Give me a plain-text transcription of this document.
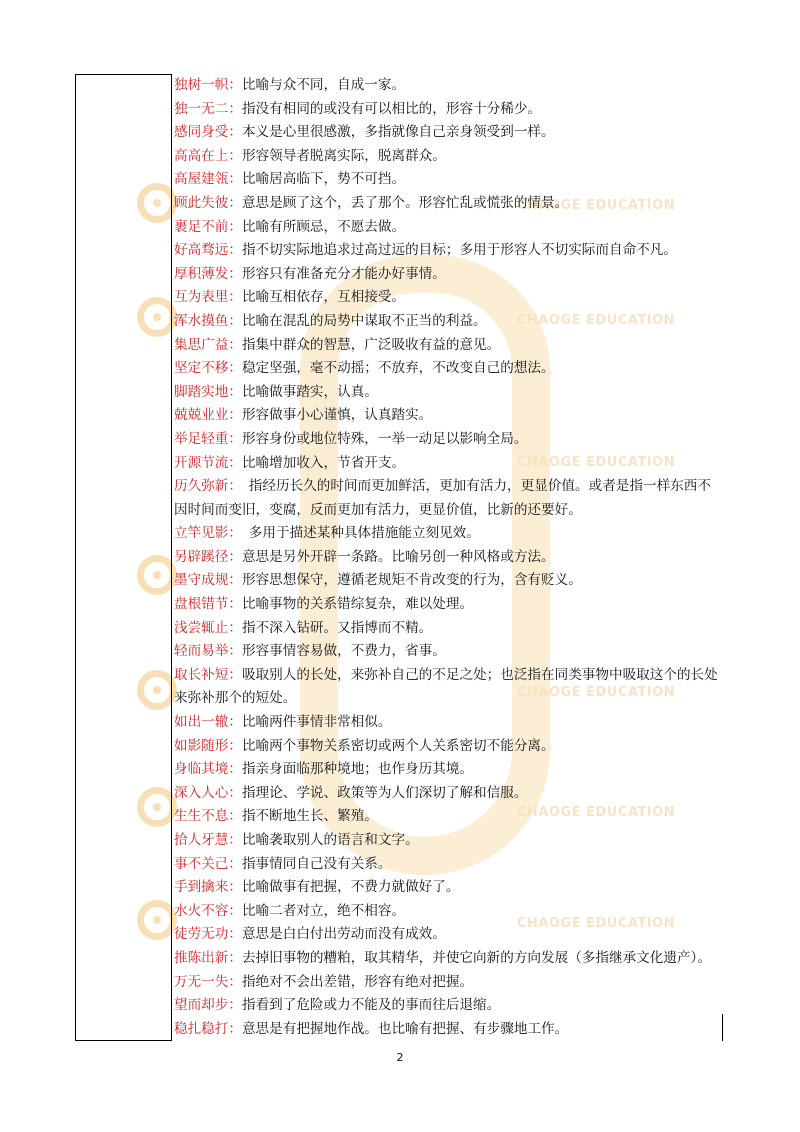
CHAOGE EDUCATION
CHAOGE EDUCATION
CHAOGE EDUCATION
CHAOGE EDUCATION
CHAOGE EDUCATION
CHAOGE EDUCATION

独树一帜：比喻与众不同，自成一家。

独一无二：指没有相同的或没有可以相比的，形容十分稀少。

感同身受：本义是心里很感激，多指就像自己亲身领受到一样。

高高在上：形容领导者脱离实际，脱离群众。

高屋建瓴：比喻居高临下，势不可挡。

顾此失彼：意思是顾了这个，丢了那个。形容忙乱或慌张的情景。

裹足不前：比喻有所顾忌，不愿去做。

好高骛远：指不切实际地追求过高过远的目标；多用于形容人不切实际而自命不凡。

厚积薄发：形容只有准备充分才能办好事情。

互为表里：比喻互相依存，互相接受。

浑水摸鱼：比喻在混乱的局势中谋取不正当的利益。

集思广益：指集中群众的智慧，广泛吸收有益的意见。

坚定不移：稳定坚强，毫不动摇；不放弃，不改变自己的想法。

脚踏实地：比喻做事踏实，认真。

兢兢业业：形容做事小心谨慎，认真踏实。

举足轻重：形容身份或地位特殊，一举一动足以影响全局。

开源节流：比喻增加收入，节省开支。

历久弥新：　指经历长久的时间而更加鲜活，更加有活力，更显价值。或者是指一样东西不因时间而变旧，变腐，反而更加有活力，更显价值，比新的还要好。

立竿见影：　多用于描述某种具体措施能立刻见效。

另辟蹊径：意思是另外开辟一条路。比喻另创一种风格或方法。

墨守成规：形容思想保守，遵循老规矩不肯改变的行为，含有贬义。

盘根错节：比喻事物的关系错综复杂，难以处理。

浅尝辄止：指不深入钻研。又指博而不精。

轻而易举：形容事情容易做，不费力，省事。

取长补短：吸取别人的长处，来弥补自己的不足之处；也泛指在同类事物中吸取这个的长处来弥补那个的短处。

如出一辙：比喻两件事情非常相似。

如影随形：比喻两个事物关系密切或两个人关系密切不能分离。

身临其境：指亲身面临那种境地；也作身历其境。

深入人心：指理论、学说、政策等为人们深切了解和信服。

生生不息：指不断地生长、繁殖。

拾人牙慧：比喻袭取别人的语言和文字。

事不关己：指事情同自己没有关系。

手到擒来：比喻做事有把握，不费力就做好了。

水火不容：比喻二者对立，绝不相容。

徒劳无功：意思是白白付出劳动而没有成效。

推陈出新：去掉旧事物的糟粕，取其精华，并使它向新的方向发展（多指继承文化遗产）。

万无一失：指绝对不会出差错，形容有绝对把握。

望而却步：指看到了危险或力不能及的事而往后退缩。

稳扎稳打：意思是有把握地作战。也比喻有把握、有步骤地工作。

2
